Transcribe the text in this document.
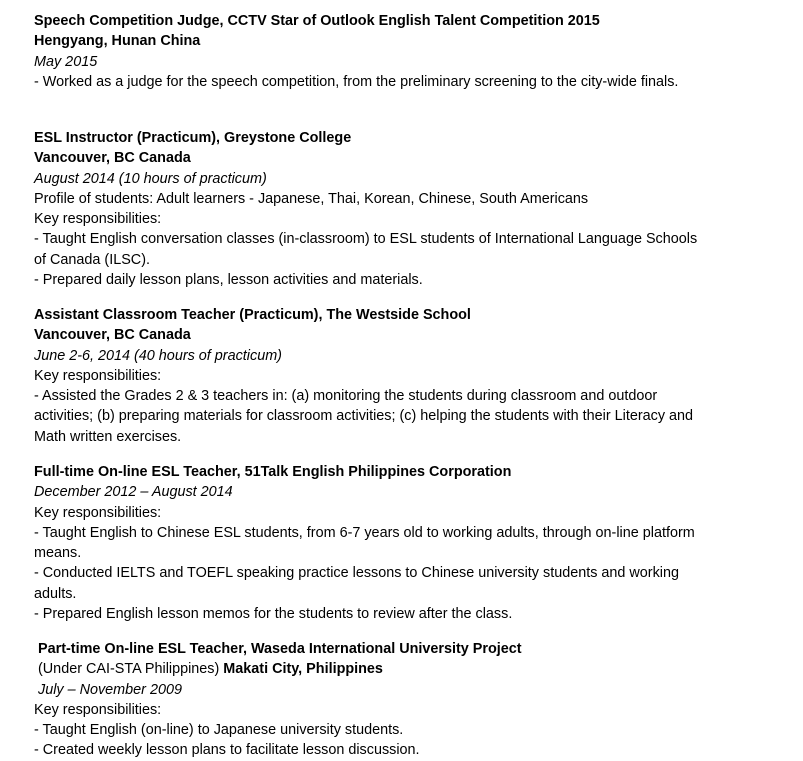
Speech Competition Judge, CCTV Star of Outlook English Talent Competition 2015
Hengyang, Hunan China
May 2015
- Worked as a judge for the speech competition, from the preliminary screening to the city-wide finals.
ESL Instructor (Practicum), Greystone College
Vancouver, BC Canada
August 2014 (10 hours of practicum)
Profile of students: Adult learners - Japanese, Thai, Korean, Chinese, South Americans
Key responsibilities:
- Taught English conversation classes (in-classroom) to ESL students of International Language Schools
of Canada (ILSC).
- Prepared daily lesson plans, lesson activities and materials.
Assistant Classroom Teacher (Practicum), The Westside School
Vancouver, BC Canada
June 2-6, 2014 (40 hours of practicum)
Key responsibilities:
- Assisted the Grades 2 & 3 teachers in: (a) monitoring the students during classroom and outdoor
activities; (b) preparing materials for classroom activities; (c) helping the students with their Literacy and
Math written exercises.
Full-time On-line ESL Teacher, 51Talk English Philippines Corporation
December 2012 – August 2014
Key responsibilities:
- Taught English to Chinese ESL students, from 6-7 years old to working adults, through on-line platform
means.
- Conducted IELTS and TOEFL speaking practice lessons to Chinese university students and working
adults.
- Prepared English lesson memos for the students to review after the class.
Part-time On-line ESL Teacher, Waseda International University Project
(Under CAI-STA Philippines) Makati City, Philippines
July – November 2009
Key responsibilities:
- Taught English (on-line) to Japanese university students.
- Created weekly lesson plans to facilitate lesson discussion.
